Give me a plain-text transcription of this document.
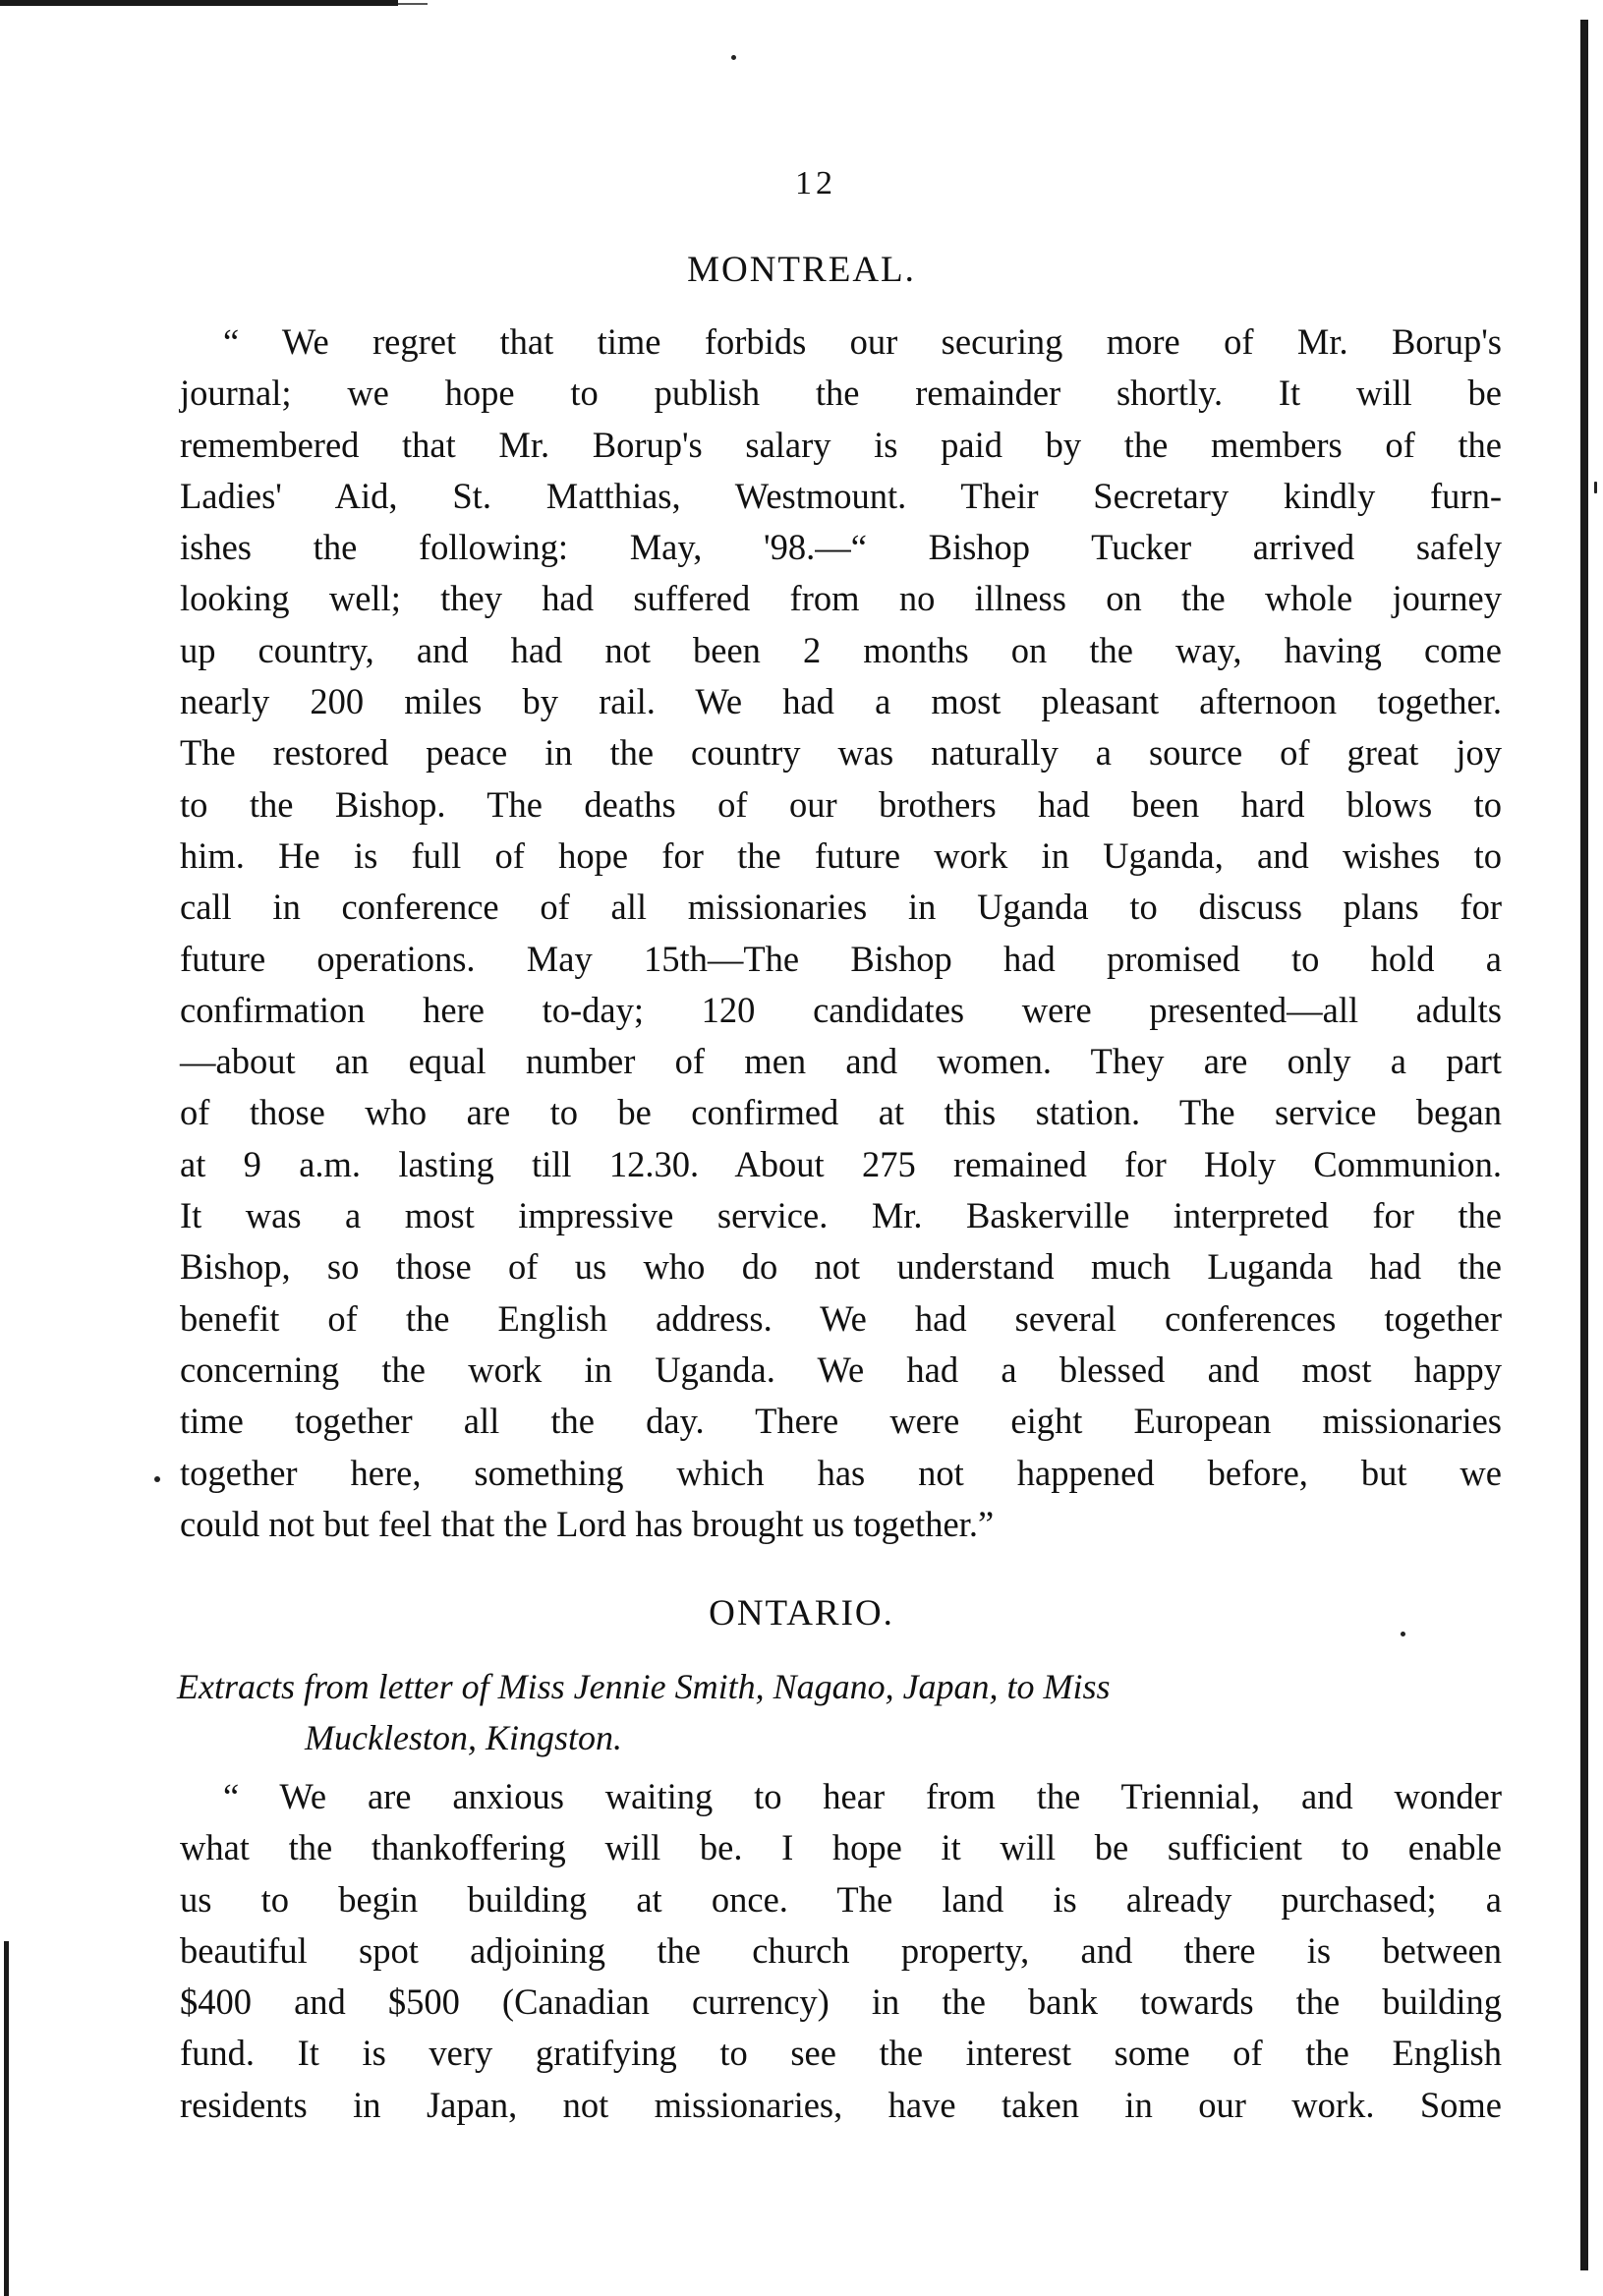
12
MONTREAL.
“ We regret that time forbids our securing more of Mr. Borup's
journal; we hope to publish the remainder shortly. It will be
remembered that Mr. Borup's salary is paid by the members of the
Ladies' Aid, St. Matthias, Westmount. Their Secretary kindly furn-
ishes the following: May, '98.—“ Bishop Tucker arrived safely
looking well; they had suffered from no illness on the whole journey
up country, and had not been 2 months on the way, having come
nearly 200 miles by rail. We had a most pleasant afternoon together.
The restored peace in the country was naturally a source of great joy
to the Bishop. The deaths of our brothers had been hard blows to
him. He is full of hope for the future work in Uganda, and wishes to
call in conference of all missionaries in Uganda to discuss plans for
future operations. May 15th—The Bishop had promised to hold a
confirmation here to-day; 120 candidates were presented—all adults
—about an equal number of men and women. They are only a part
of those who are to be confirmed at this station. The service began
at 9 a.m. lasting till 12.30. About 275 remained for Holy Communion.
It was a most impressive service. Mr. Baskerville interpreted for the
Bishop, so those of us who do not understand much Luganda had the
benefit of the English address. We had several conferences together
concerning the work in Uganda. We had a blessed and most happy
time together all the day. There were eight European missionaries
together here, something which has not happened before, but we
could not but feel that the Lord has brought us together.”
ONTARIO.
Extracts from letter of Miss Jennie Smith, Nagano, Japan, to Miss
Muckleston, Kingston.
“ We are anxious waiting to hear from the Triennial, and wonder
what the thankoffering will be. I hope it will be sufficient to enable
us to begin building at once. The land is already purchased; a
beautiful spot adjoining the church property, and there is between
$400 and $500 (Canadian currency) in the bank towards the building
fund. It is very gratifying to see the interest some of the English
residents in Japan, not missionaries, have taken in our work. Some
